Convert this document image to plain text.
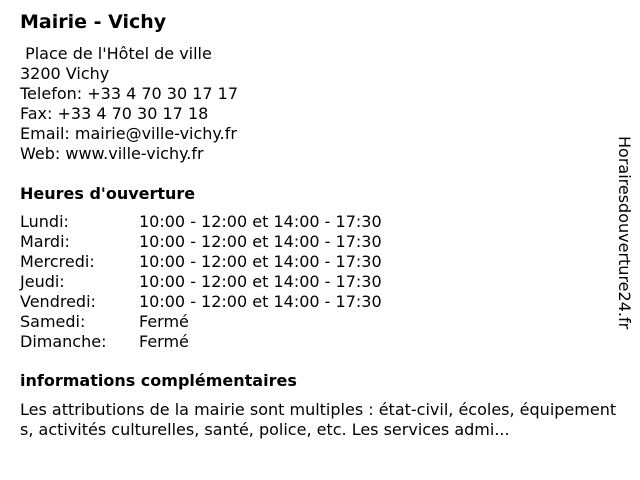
Mairie - Vichy
Place de l'Hôtel de ville
3200 Vichy
Telefon: +33 4 70 30 17 17
Fax: +33 4 70 30 17 18
Email: mairie@ville-vichy.fr
Web: www.ville-vichy.fr
Heures d'ouverture
Lundi:	10:00 - 12:00 et 14:00 - 17:30
Mardi:	10:00 - 12:00 et 14:00 - 17:30
Mercredi:	10:00 - 12:00 et 14:00 - 17:30
Jeudi:	10:00 - 12:00 et 14:00 - 17:30
Vendredi:	10:00 - 12:00 et 14:00 - 17:30
Samedi:	Fermé
Dimanche:	Fermé
informations complémentaires
Les attributions de la mairie sont multiples : état-civil, écoles, équipements, activités culturelles, santé, police, etc. Les services admi...
Horairesdouverture24.fr
